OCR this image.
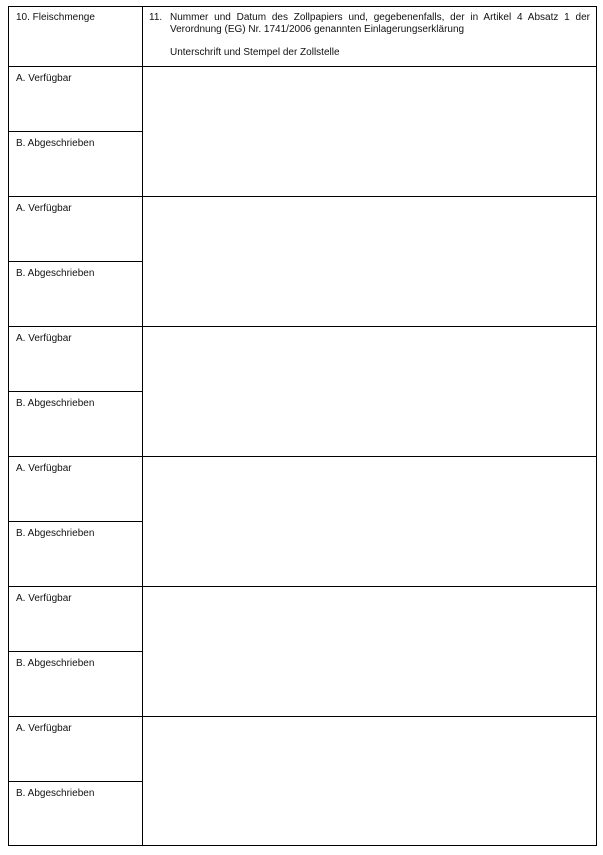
10. Fleischmenge	11. Nummer und Datum des Zollpapiers und, gegebenenfalls, der in Artikel 4 Absatz 1 der Verordnung (EG) Nr. 1741/2006 genannten Einlagerungserklärung
Unterschrift und Stempel der Zollstelle
A. Verfügbar
B. Abgeschrieben
A. Verfügbar
B. Abgeschrieben
A. Verfügbar
B. Abgeschrieben
A. Verfügbar
B. Abgeschrieben
A. Verfügbar
B. Abgeschrieben
A. Verfügbar
B. Abgeschrieben
